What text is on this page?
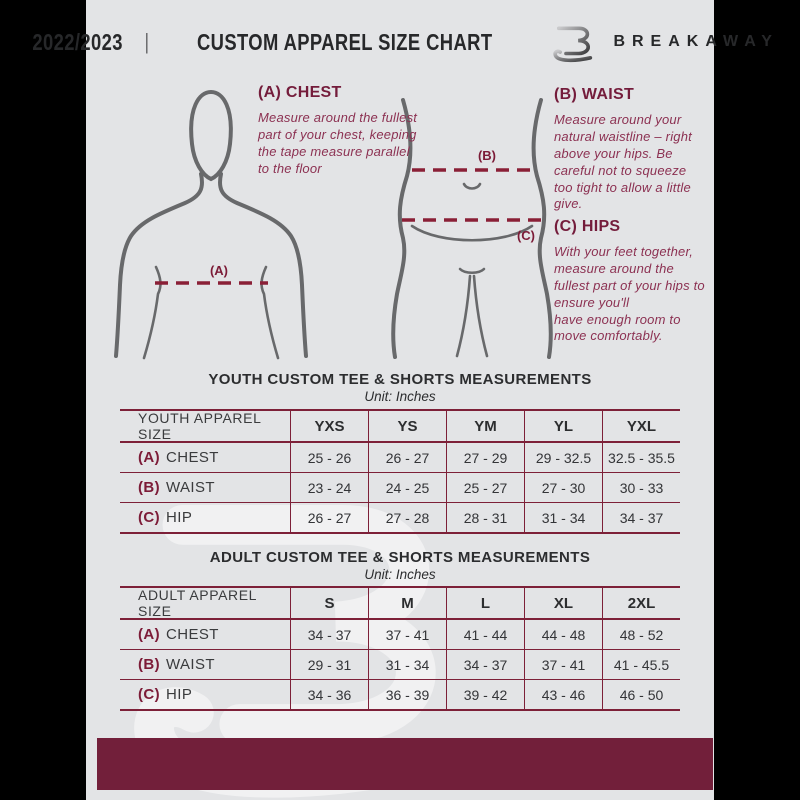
2022/2023 | CUSTOM APPAREL SIZE CHART	BREAKAWAY
(A)
(B)
(C)
(A) CHEST
Measure around the fullest part of your chest, keeping the tape measure parallel to the floor
(B) WAIST
Measure around your natural waistline – right above your hips. Be careful not to squeeze too tight to allow a little give.
(C) HIPS
With your feet together, measure around the fullest part of your hips to ensure you'll
have enough room to move comfortably.
YOUTH CUSTOM TEE & SHORTS MEASUREMENTS
Unit: Inches
YOUTH APPAREL SIZE	YXS	YS	YM	YL	YXL
(A) CHEST	25 - 26	26 - 27	27 - 29	29 - 32.5	32.5 - 35.5
(B) WAIST	23 - 24	24 - 25	25 - 27	27 - 30	30 - 33
(C) HIP	26 - 27	27 - 28	28 - 31	31 - 34	34 - 37
ADULT CUSTOM TEE & SHORTS MEASUREMENTS
Unit: Inches
ADULT APPAREL SIZE	S	M	L	XL	2XL
(A) CHEST	34 - 37	37 - 41	41 - 44	44 - 48	48 - 52
(B) WAIST	29 - 31	31 - 34	34 - 37	37 - 41	41 - 45.5
(C) HIP	34 - 36	36 - 39	39 - 42	43 - 46	46 - 50
